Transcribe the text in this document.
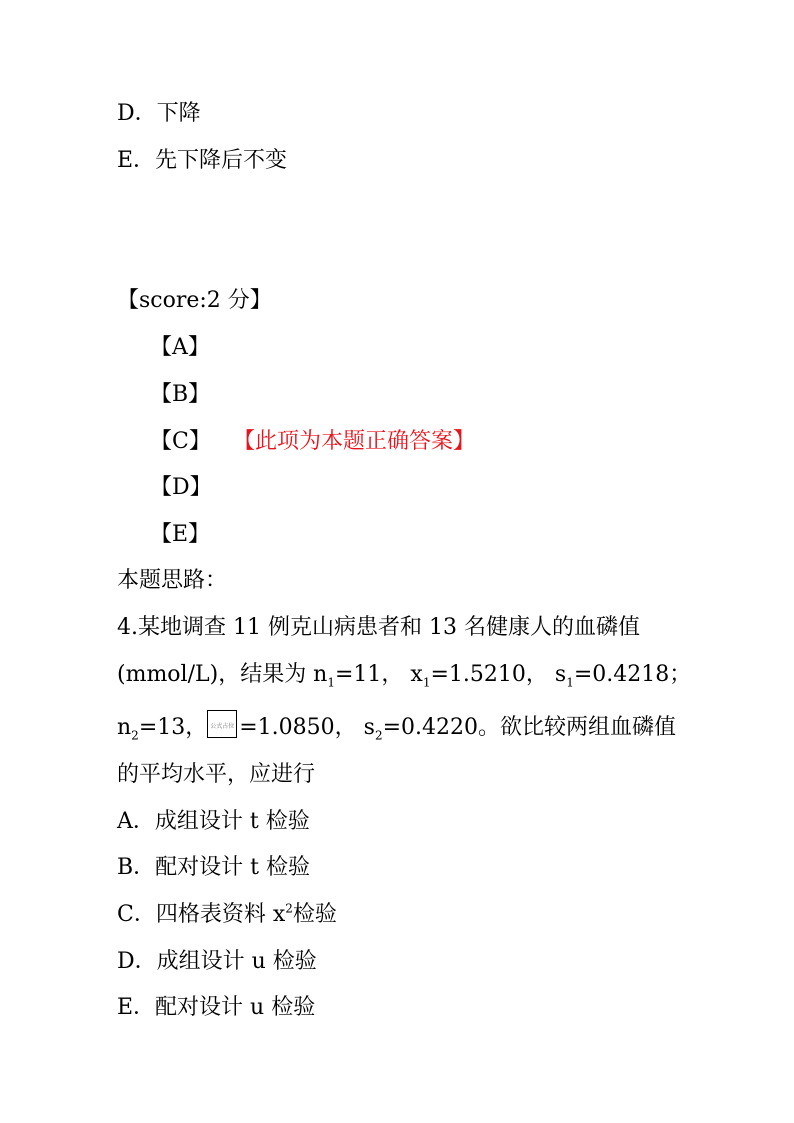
D．下降
E．先下降后不变
【score:2 分】
【A】
【B】
【C】 【此项为本题正确答案】
【D】
【E】
本题思路：
4.某地调查 11 例克山病患者和 13 名健康人的血磷值
(mmol/L)，结果为 $n_1=11$， $x_1=1.5210$， $s_1=0.4218$；
$n_2=13$， 公式占位 =1.0850， $s_2=0.4220$。欲比较两组血磷值
的平均水平，应进行
A．成组设计 t 检验
B．配对设计 t 检验
C．四格表资料 $x^2$检验
D．成组设计 u 检验
E．配对设计 u 检验
